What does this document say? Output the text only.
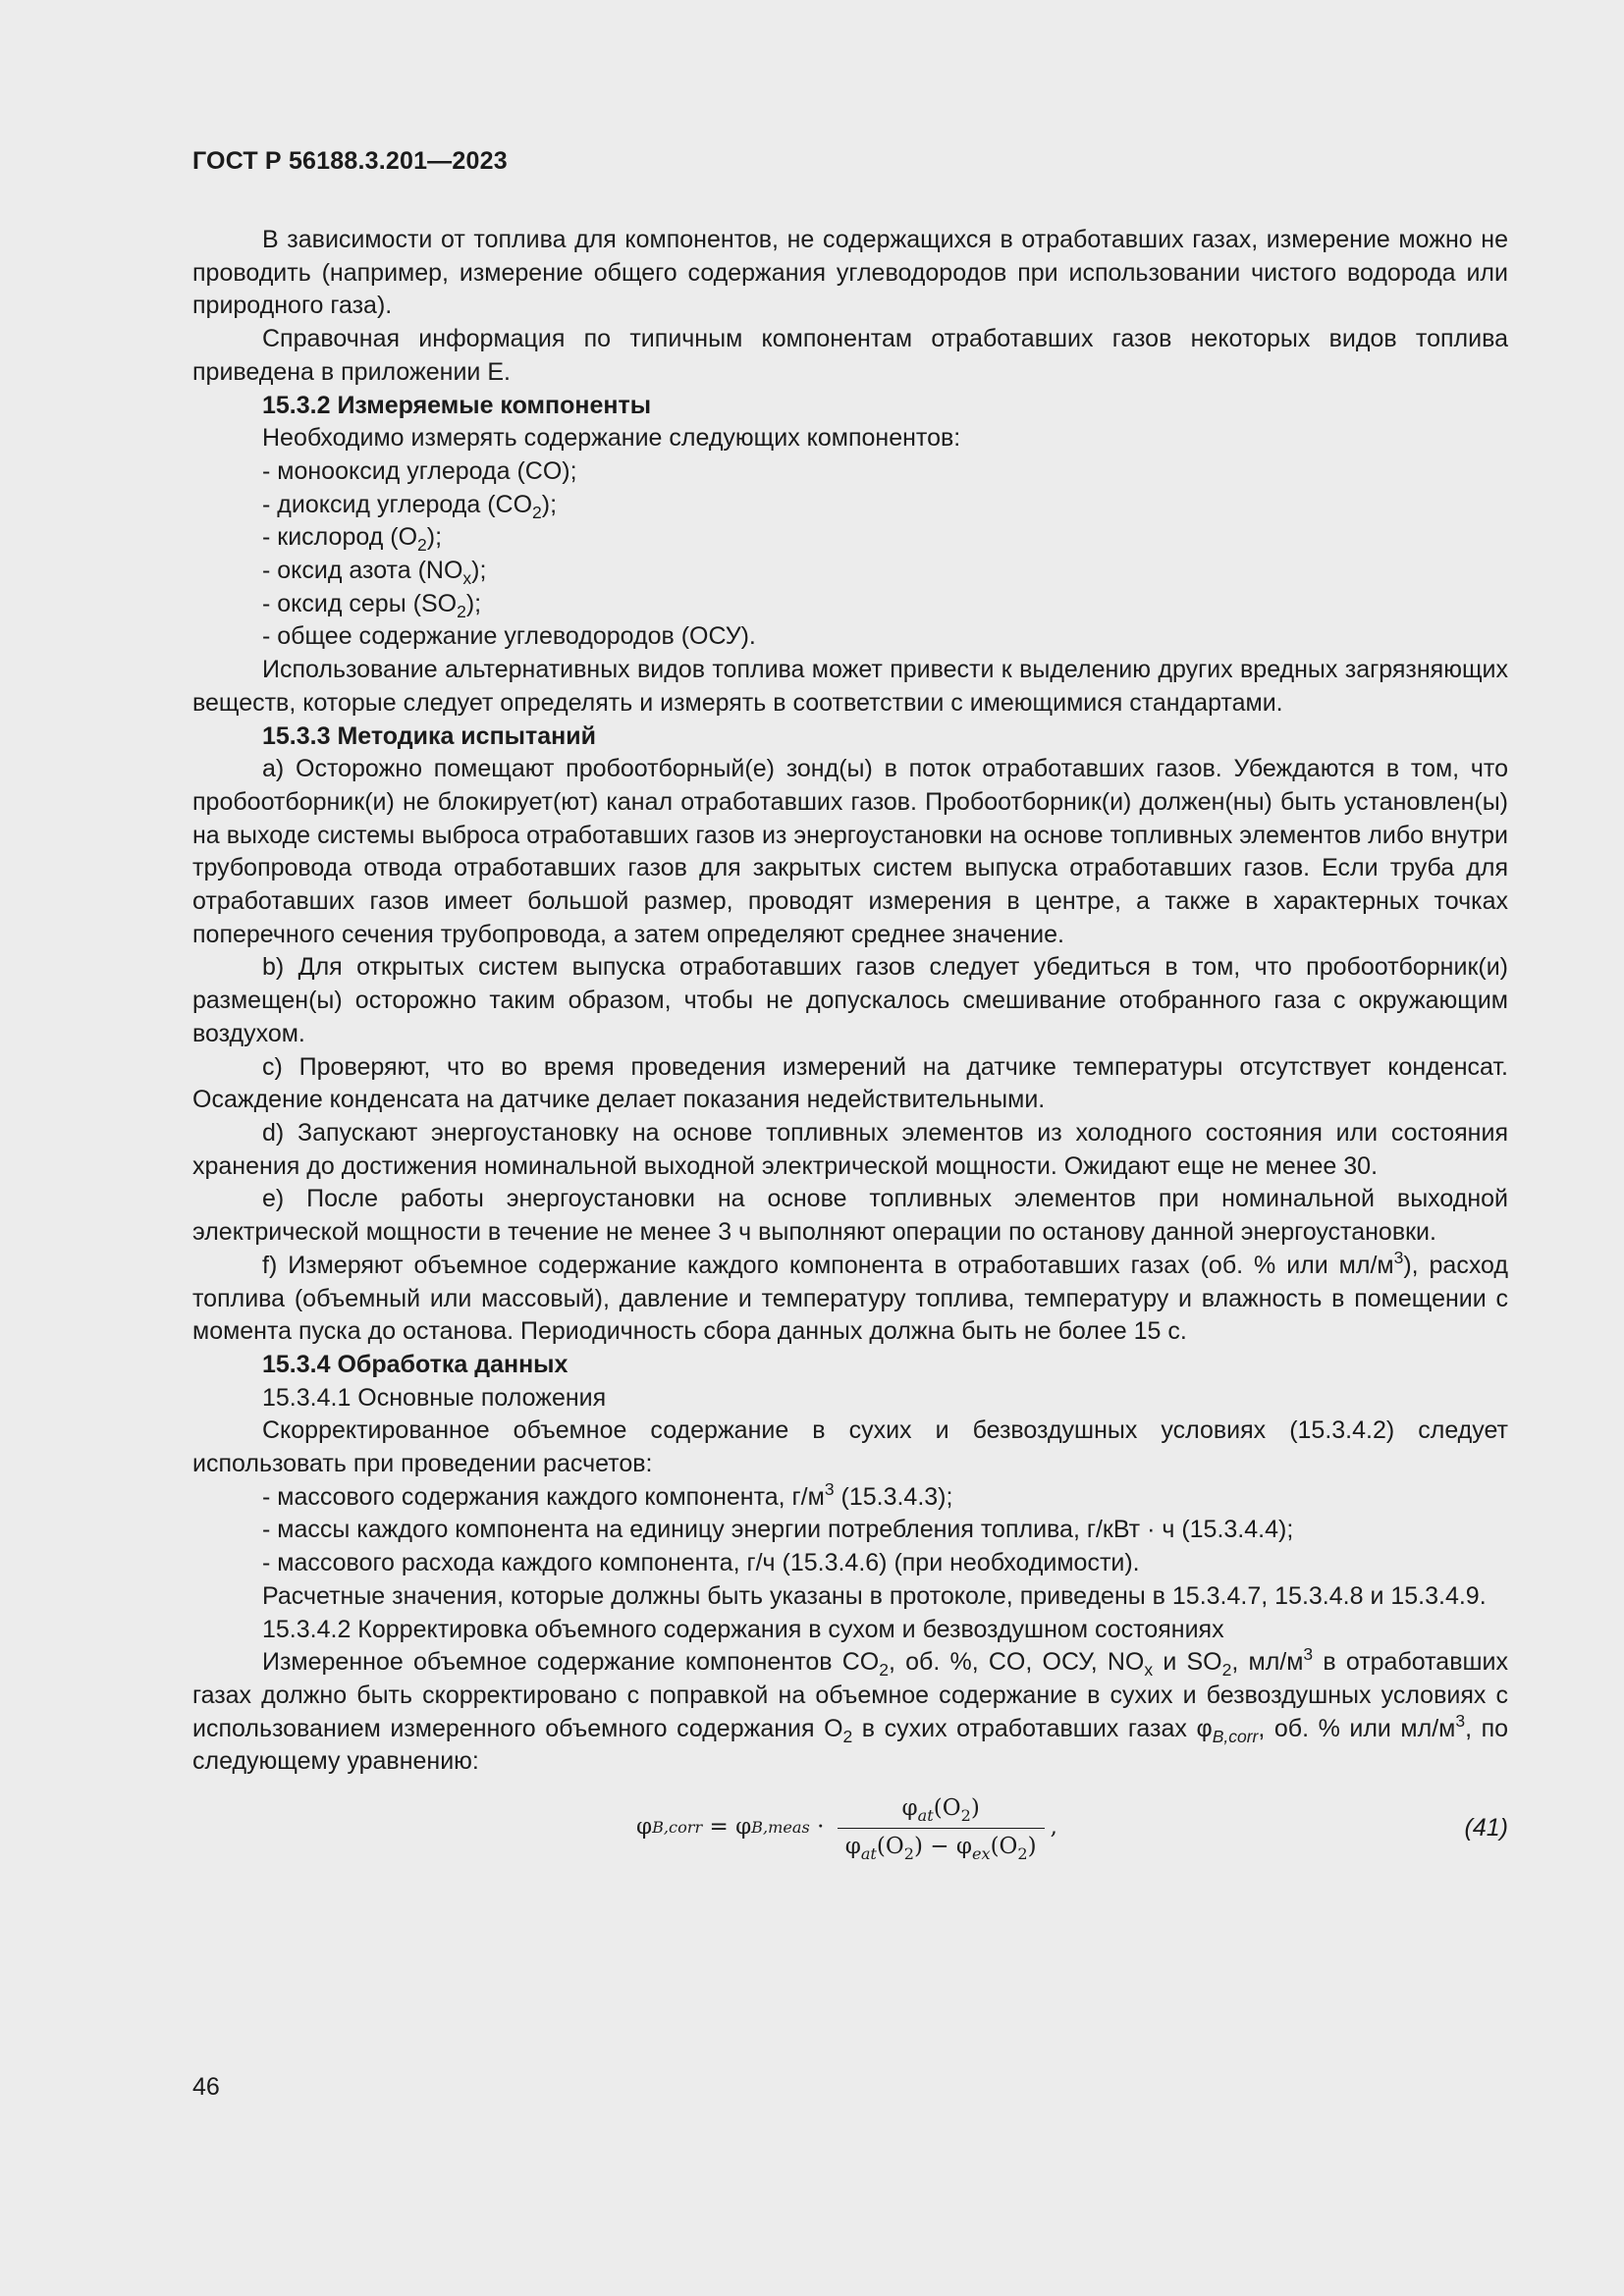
ГОСТ Р 56188.3.201—2023

В зависимости от топлива для компонентов, не содержащихся в отработавших газах, измерение можно не проводить (например, измерение общего содержания углеводородов при использовании чистого водорода или природного газа).

Справочная информация по типичным компонентам отработавших газов некоторых видов топлива приведена в приложении Е.

15.3.2 Измеряемые компоненты

Необходимо измерять содержание следующих компонентов:

- монооксид углерода (CO);
- диоксид углерода $(CO_2)$;
- кислород $(O_2)$;
- оксид азота $(NO_x)$;
- оксид серы $(SO_2)$;
- общее содержание углеводородов (ОСУ).

Использование альтернативных видов топлива может привести к выделению других вредных загрязняющих веществ, которые следует определять и измерять в соответствии с имеющимися стандартами.

15.3.3 Методика испытаний

а) Осторожно помещают пробоотборный(е) зонд(ы) в поток отработавших газов. Убеждаются в том, что пробоотборник(и) не блокирует(ют) канал отработавших газов. Пробоотборник(и) должен(ны) быть установлен(ы) на выходе системы выброса отработавших газов из энергоустановки на основе топливных элементов либо внутри трубопровода отвода отработавших газов для закрытых систем выпуска отработавших газов. Если труба для отработавших газов имеет большой размер, проводят измерения в центре, а также в характерных точках поперечного сечения трубопровода, а затем определяют среднее значение.

b) Для открытых систем выпуска отработавших газов следует убедиться в том, что пробоотборник(и) размещен(ы) осторожно таким образом, чтобы не допускалось смешивание отобранного газа с окружающим воздухом.

c) Проверяют, что во время проведения измерений на датчике температуры отсутствует конденсат. Осаждение конденсата на датчике делает показания недействительными.

d) Запускают энергоустановку на основе топливных элементов из холодного состояния или состояния хранения до достижения номинальной выходной электрической мощности. Ожидают еще не менее 30.

e) После работы энергоустановки на основе топливных элементов при номинальной выходной электрической мощности в течение не менее 3 ч выполняют операции по останову данной энергоустановки.

f) Измеряют объемное содержание каждого компонента в отработавших газах (об. % или $мл/м^3$), расход топлива (объемный или массовый), давление и температуру топлива, температуру и влажность в помещении с момента пуска до останова. Периодичность сбора данных должна быть не более 15 с.

15.3.4 Обработка данных

15.3.4.1 Основные положения

Скорректированное объемное содержание в сухих и безвоздушных условиях (15.3.4.2) следует использовать при проведении расчетов:

- массового содержания каждого компонента, $г/м^3$ (15.3.4.3);
- массы каждого компонента на единицу энергии потребления топлива, г/кВт · ч (15.3.4.4);
- массового расхода каждого компонента, г/ч (15.3.4.6) (при необходимости).

Расчетные значения, которые должны быть указаны в протоколе, приведены в 15.3.4.7, 15.3.4.8 и 15.3.4.9.

15.3.4.2 Корректировка объемного содержания в сухом и безвоздушном состояниях

Измеренное объемное содержание компонентов $CO_2$, об. %, CO, ОСУ, $NO_x$ и $SO_2$, $мл/м^3$ в отработавших газах должно быть скорректировано с поправкой на объемное содержание в сухих и безвоздушных условиях с использованием измеренного объемного содержания $O_2$ в сухих отработавших газах $\varphi_{B,corr}$, об. % или $мл/м^3$, по следующему уравнению:

φ B,corr = φ B,meas · $\frac{\varphi_{at}(O_2)}{\varphi_{at}(O_2) - \varphi_{ex}(O_2)}$ ,	(41)
46
